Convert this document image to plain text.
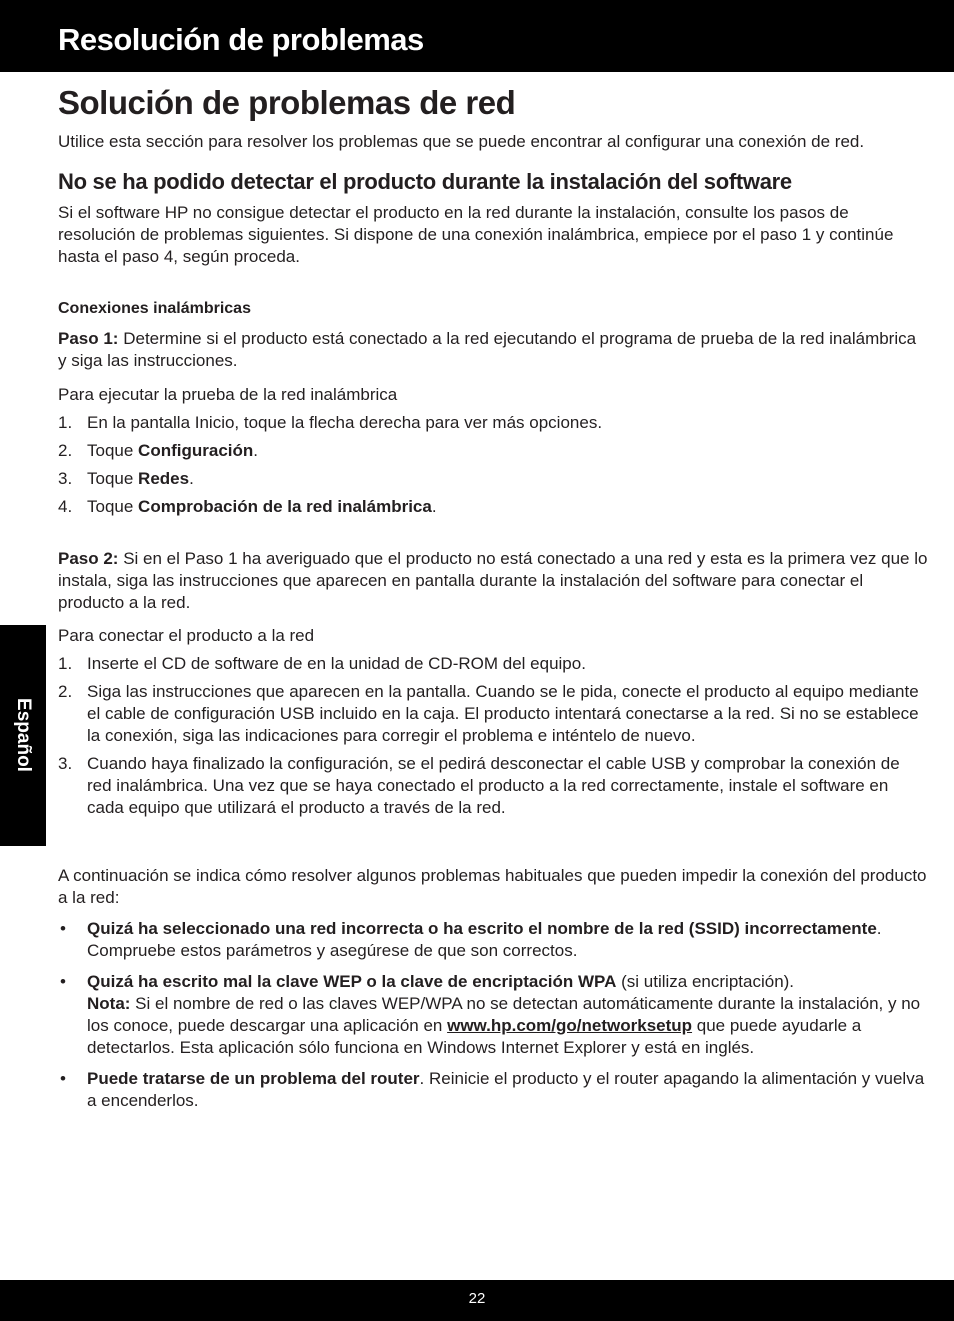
Resolución de problemas
Español
Solución de problemas de red

Utilice esta sección para resolver los problemas que se puede encontrar al configurar una conexión de red.

No se ha podido detectar el producto durante la instalación del software

Si el software HP no consigue detectar el producto en la red durante la instalación, consulte los pasos de resolución de problemas siguientes. Si dispone de una conexión inalámbrica, empiece por el paso 1 y continúe hasta el paso 4, según proceda.

Conexiones inalámbricas

Paso 1: Determine si el producto está conectado a la red ejecutando el programa de prueba de la red inalámbrica y siga las instrucciones.

Para ejecutar la prueba de la red inalámbrica

1. En la pantalla Inicio, toque la flecha derecha para ver más opciones.
2. Toque Configuración.
3. Toque Redes.
4. Toque Comprobación de la red inalámbrica.

Paso 2: Si en el Paso 1 ha averiguado que el producto no está conectado a una red y esta es la primera vez que lo instala, siga las instrucciones que aparecen en pantalla durante la instalación del software para conectar el producto a la red.

Para conectar el producto a la red

1. Inserte el CD de software de en la unidad de CD-ROM del equipo.
2. Siga las instrucciones que aparecen en la pantalla. Cuando se le pida, conecte el producto al equipo mediante el cable de configuración USB incluido en la caja. El producto intentará conectarse a la red. Si no se establece la conexión, siga las indicaciones para corregir el problema e inténtelo de nuevo.
3. Cuando haya finalizado la configuración, se el pedirá desconectar el cable USB y comprobar la conexión de red inalámbrica. Una vez que se haya conectado el producto a la red correctamente, instale el software en cada equipo que utilizará el producto a través de la red.

A continuación se indica cómo resolver algunos problemas habituales que pueden impedir la conexión del producto a la red:

• Quizá ha seleccionado una red incorrecta o ha escrito el nombre de la red (SSID) incorrectamente. Compruebe estos parámetros y asegúrese de que son correctos.
• Quizá ha escrito mal la clave WEP o la clave de encriptación WPA (si utiliza encriptación).
Nota: Si el nombre de red o las claves WEP/WPA no se detectan automáticamente durante la instalación, y no los conoce, puede descargar una aplicación en www.hp.com/go/networksetup que puede ayudarle a detectarlos. Esta aplicación sólo funciona en Windows Internet Explorer y está en inglés.
• Puede tratarse de un problema del router. Reinicie el producto y el router apagando la alimentación y vuelva a encenderlos.
22
